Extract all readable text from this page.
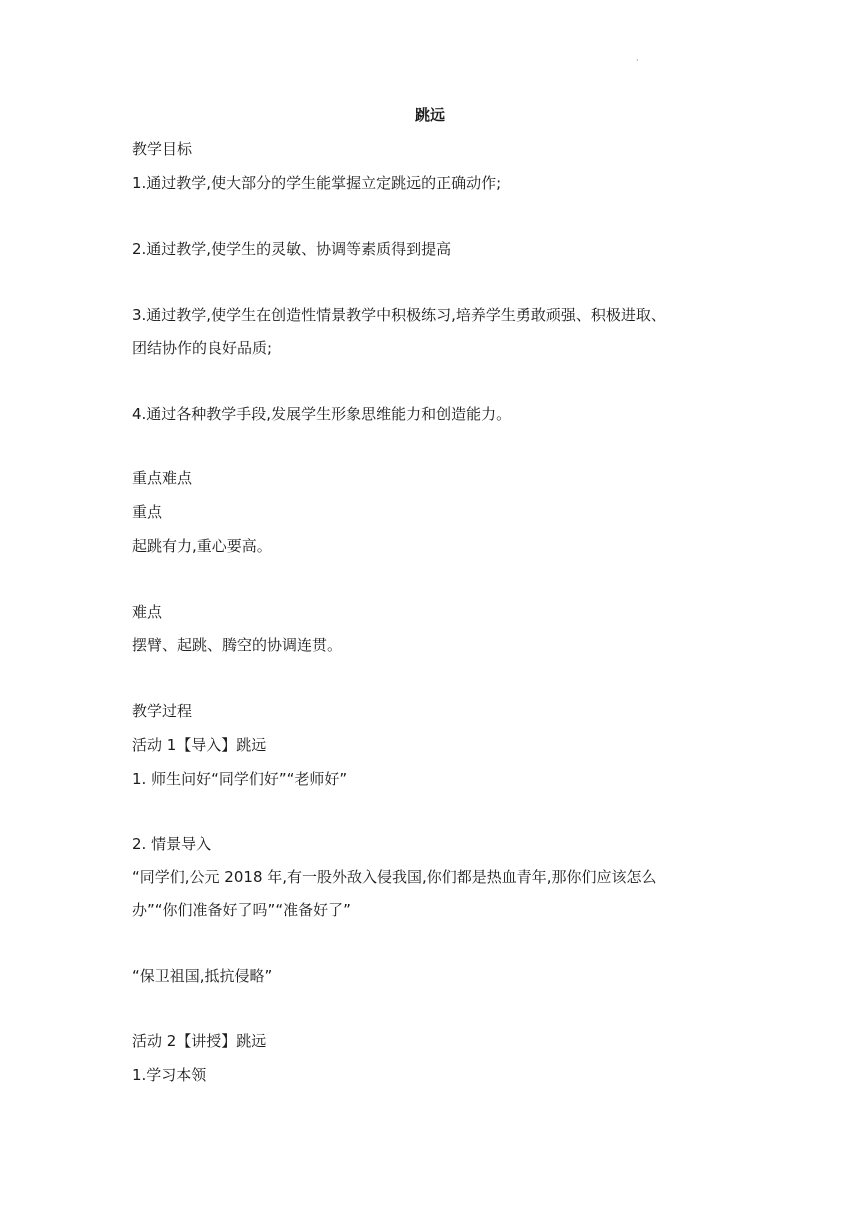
·
跳远
教学目标
1.通过教学,使大部分的学生能掌握立定跳远的正确动作;
2.通过教学,使学生的灵敏、协调等素质得到提高
3.通过教学,使学生在创造性情景教学中积极练习,培养学生勇敢顽强、积极进取、
团结协作的良好品质;
4.通过各种教学手段,发展学生形象思维能力和创造能力。
重点难点
重点
起跳有力,重心要高。
难点
摆臂、起跳、腾空的协调连贯。
教学过程
活动 1【导入】跳远
1. 师生问好“同学们好”“老师好”
2. 情景导入
“同学们,公元 2018 年,有一股外敌入侵我国,你们都是热血青年,那你们应该怎么
办”“你们准备好了吗”“准备好了”
“保卫祖国,抵抗侵略”
活动 2【讲授】跳远
1.学习本领
